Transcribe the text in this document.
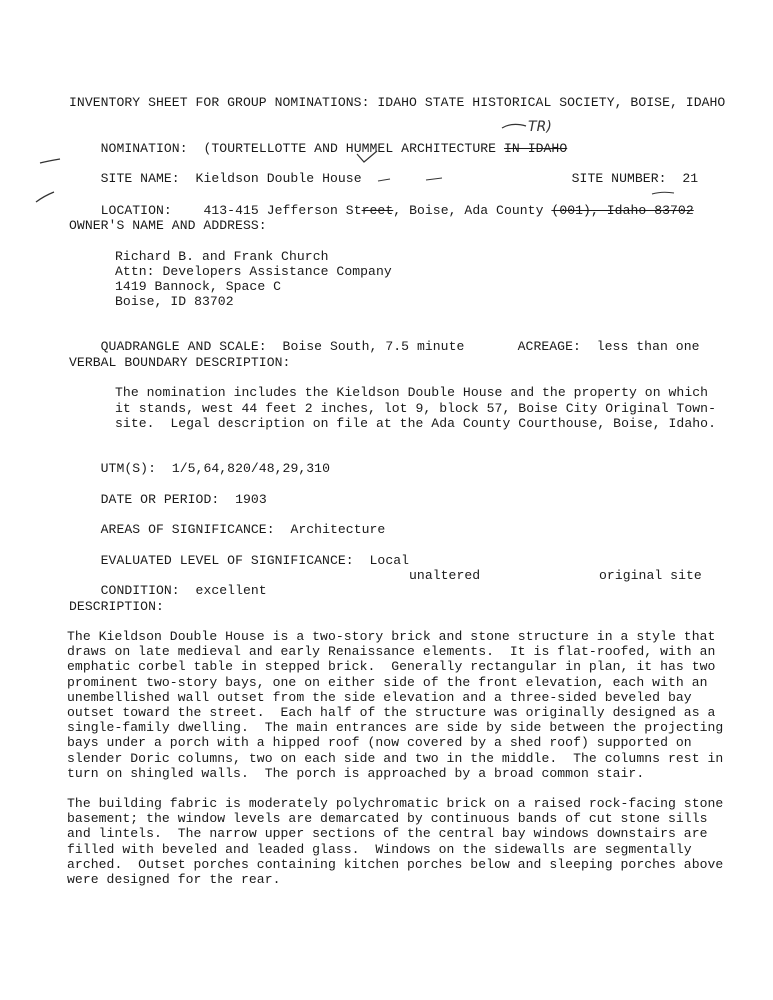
INVENTORY SHEET FOR GROUP NOMINATIONS: IDAHO STATE HISTORICAL SOCIETY, BOISE, IDAHO

NOMINATION: (TOURTELLOTTE AND HUMMEL ARCHITECTURE IN IDAHO

TR)

SITE NAME: Kieldson Double House
	SITE NUMBER: 21

LOCATION: 413-415 Jefferson Street, Boise, Ada County (001), Idaho 83702

OWNER'S NAME AND ADDRESS:
Richard B. and Frank Church
Attn: Developers Assistance Company
1419 Bannock, Space C
Boise, ID 83702

QUADRANGLE AND SCALE: Boise South, 7.5 minute
	ACREAGE: less than one

VERBAL BOUNDARY DESCRIPTION:
The nomination includes the Kieldson Double House and the property on which
it stands, west 44 feet 2 inches, lot 9, block 57, Boise City Original Town-
site.  Legal description on file at the Ada County Courthouse, Boise, Idaho.

UTM(S): 1/5,64,820/48,29,310

DATE OR PERIOD: 1903

AREAS OF SIGNIFICANCE: Architecture

EVALUATED LEVEL OF SIGNIFICANCE: Local

CONDITION: excellent

unaltered	original site
DESCRIPTION:
The Kieldson Double House is a two-story brick and stone structure in a style that
draws on late medieval and early Renaissance elements.  It is flat-roofed, with an
emphatic corbel table in stepped brick.  Generally rectangular in plan, it has two
prominent two-story bays, one on either side of the front elevation, each with an
unembellished wall outset from the side elevation and a three-sided beveled bay
outset toward the street.  Each half of the structure was originally designed as a
single-family dwelling.  The main entrances are side by side between the projecting
bays under a porch with a hipped roof (now covered by a shed roof) supported on
slender Doric columns, two on each side and two in the middle.  The columns rest in
turn on shingled walls.  The porch is approached by a broad common stair.
The building fabric is moderately polychromatic brick on a raised rock-facing stone
basement; the window levels are demarcated by continuous bands of cut stone sills
and lintels.  The narrow upper sections of the central bay windows downstairs are
filled with beveled and leaded glass.  Windows on the sidewalls are segmentally
arched.  Outset porches containing kitchen porches below and sleeping porches above
were designed for the rear.
